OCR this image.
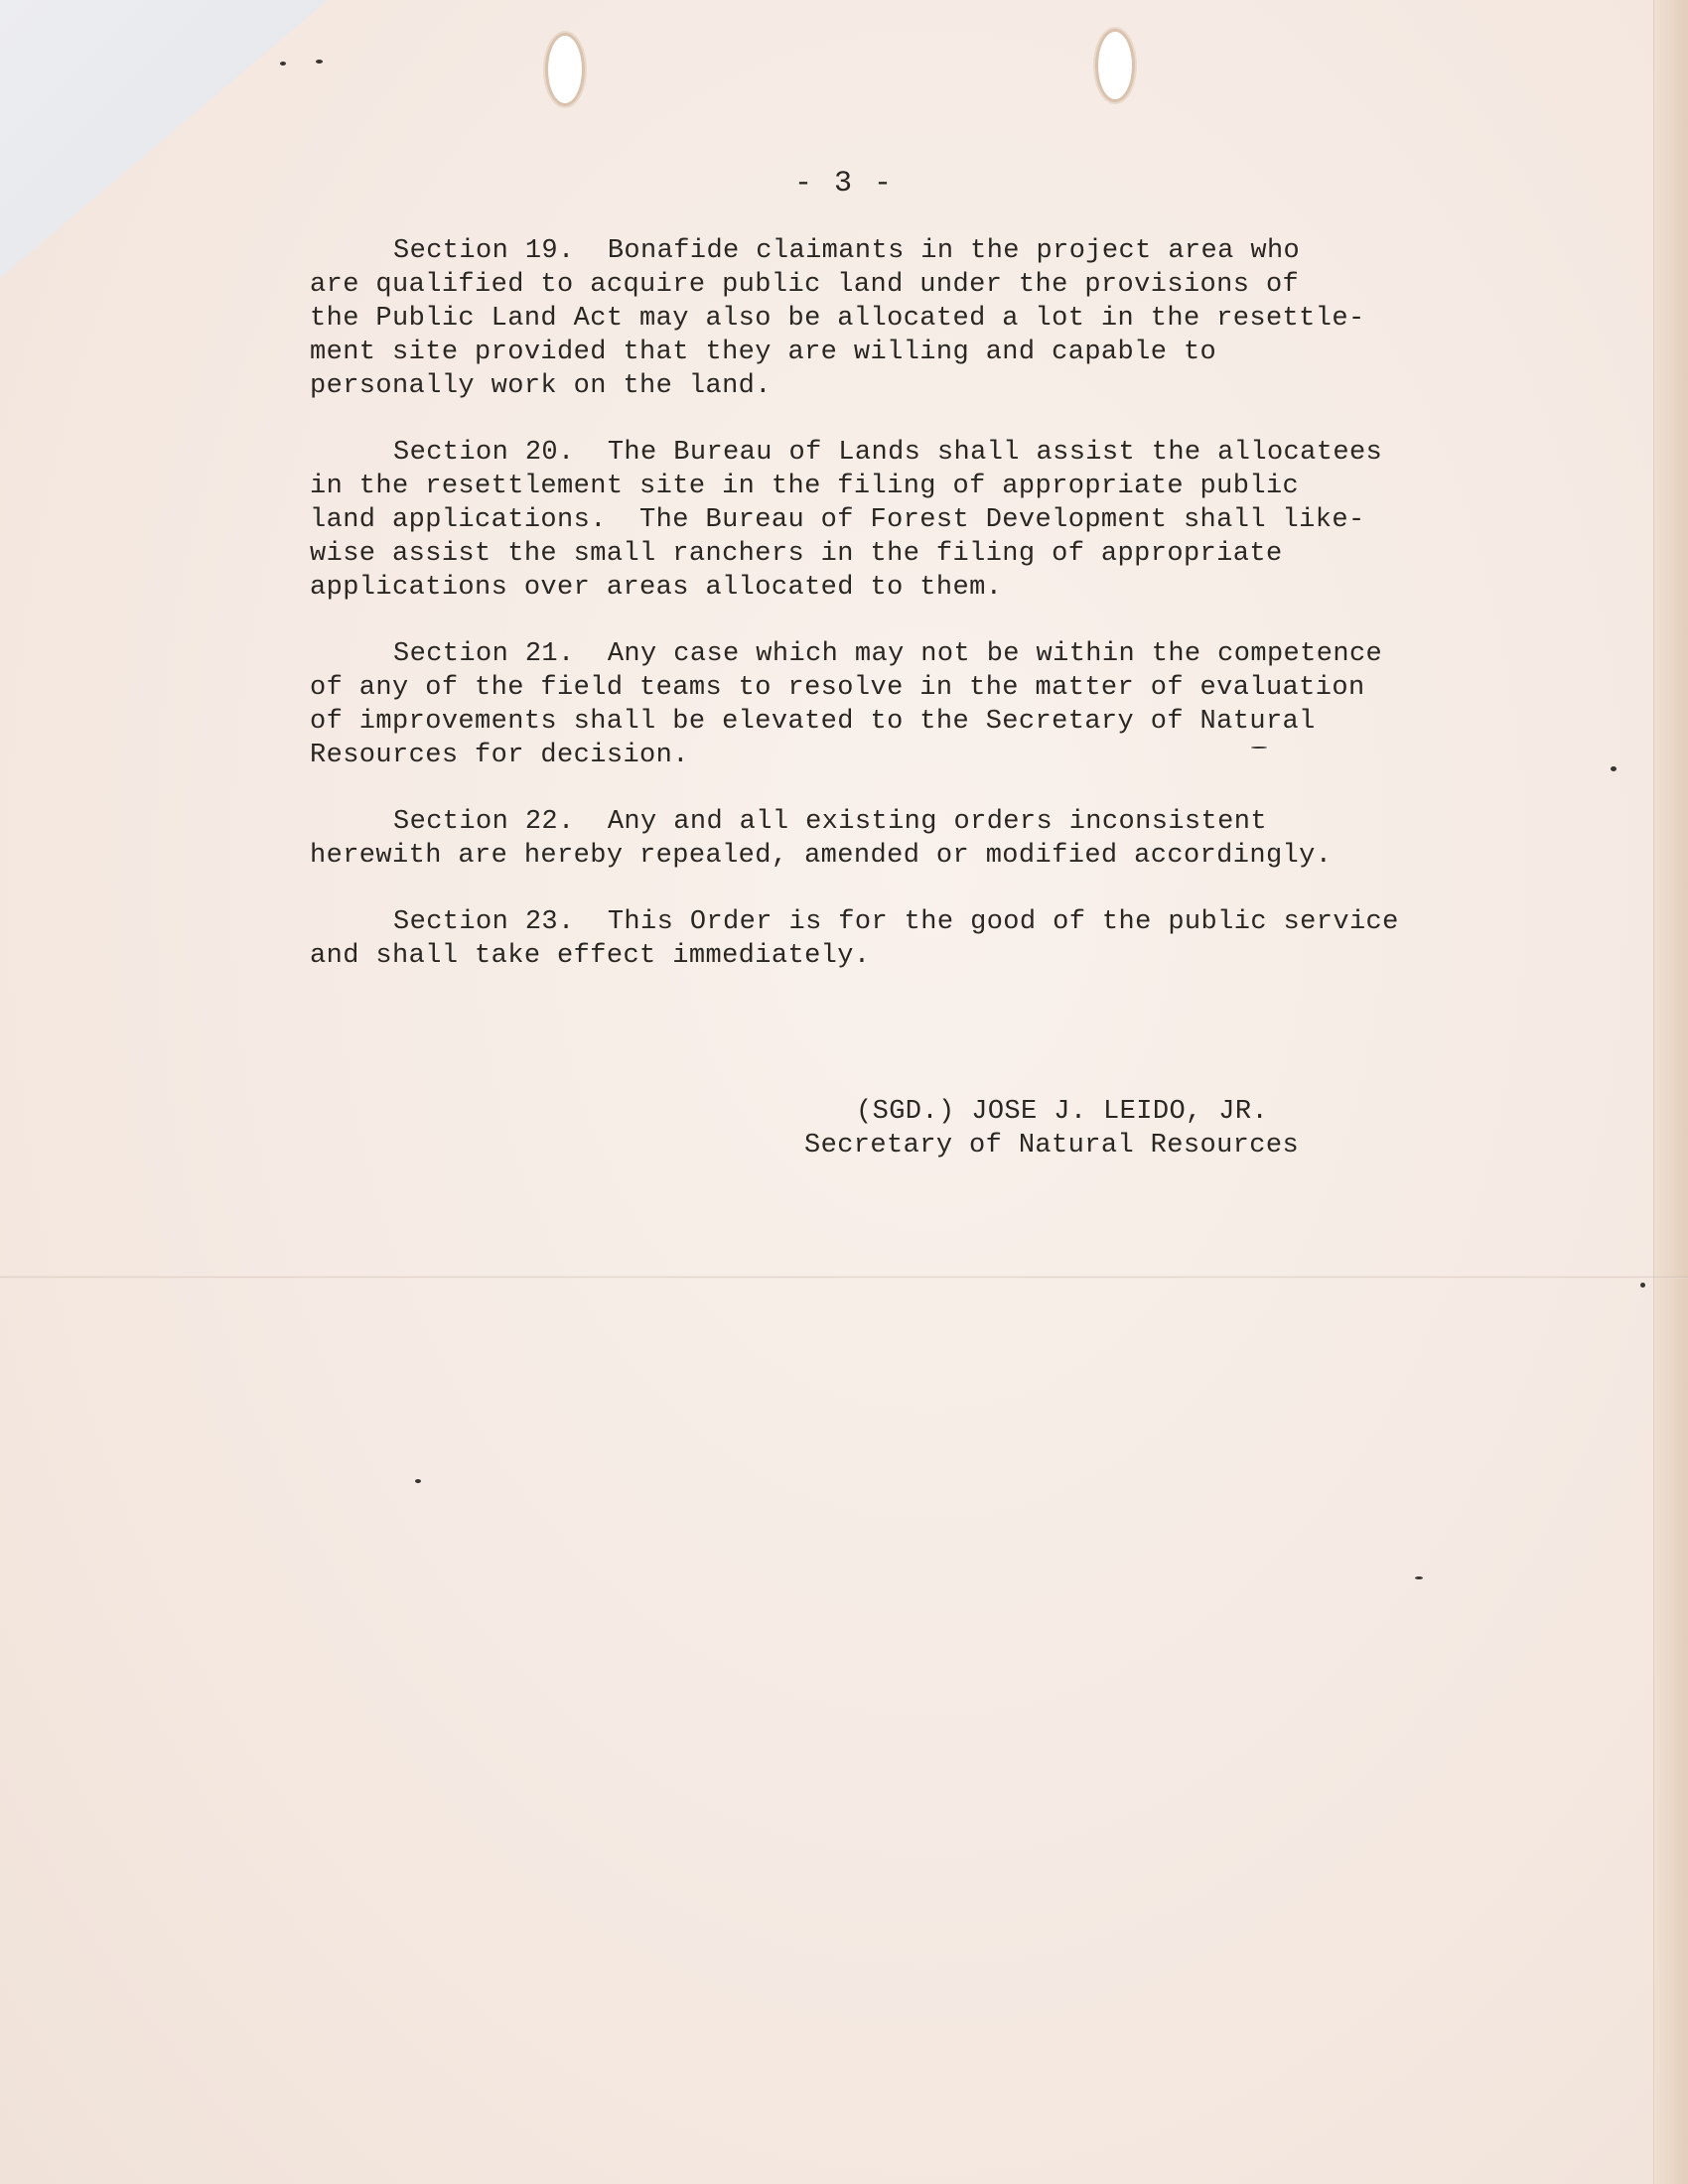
- 3 -
Section 19.  Bonafide claimants in the project area who
are qualified to acquire public land under the provisions of
the Public Land Act may also be allocated a lot in the resettle-
ment site provided that they are willing and capable to
personally work on the land.
Section 20.  The Bureau of Lands shall assist the allocatees
in the resettlement site in the filing of appropriate public
land applications.  The Bureau of Forest Development shall like-
wise assist the small ranchers in the filing of appropriate
applications over areas allocated to them.
Section 21.  Any case which may not be within the competence
of any of the field teams to resolve in the matter of evaluation
of improvements shall be elevated to the Secretary of Natural
Resources for decision.
Section 22.  Any and all existing orders inconsistent
herewith are hereby repealed, amended or modified accordingly.
Section 23.  This Order is for the good of the public service
and shall take effect immediately.
(SGD.) JOSE J. LEIDO, JR.
Secretary of Natural Resources
